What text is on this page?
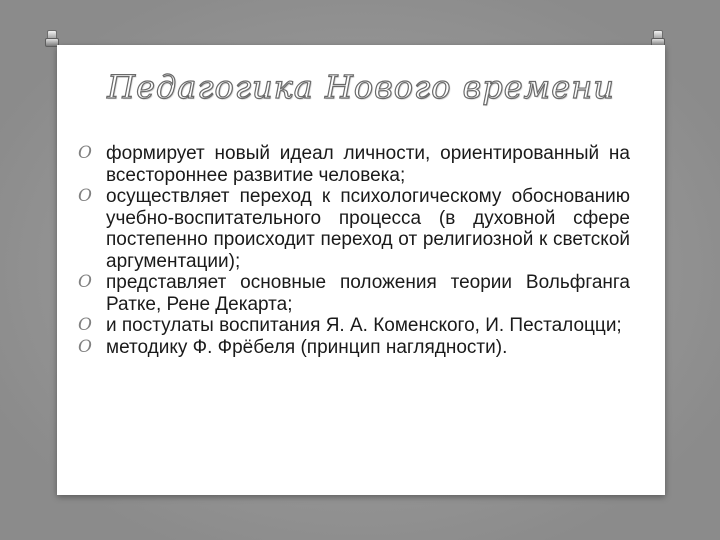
Педагогика Нового времени
O формирует новый идеал личности, ориентированный на всестороннее развитие человека;
O осуществляет переход к психологическому обоснованию учебно-воспитательного процесса (в духовной сфере постепенно происходит переход от религиозной к светской аргументации);
O представляет основные положения теории Вольфганга Ратке, Рене Декарта;
O и постулаты воспитания Я. А. Коменского, И. Песталоцци;
O методику Ф. Фрёбеля (принцип наглядности).
